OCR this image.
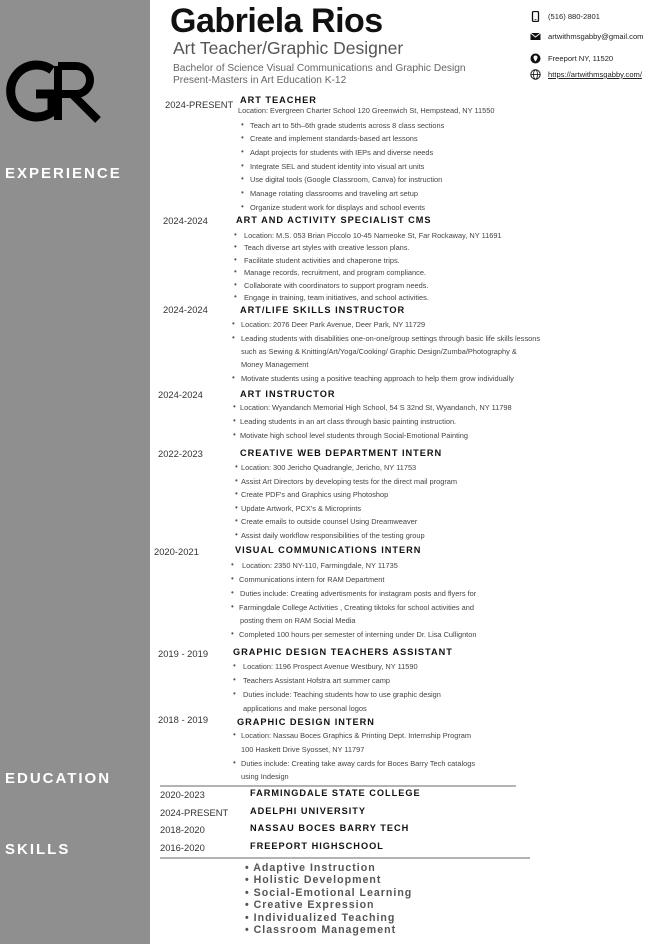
EXPERIENCE
EDUCATION
SKILLS
Gabriela Rios
Art Teacher/Graphic Designer
Bachelor of Science Visual Communications and Graphic Design
Present-Masters in Art Education K-12
(516) 880-2801
artwithmsgabby@gmail.com
Freeport NY, 11520
https://artwithmsgabby.com/
2024-PRESENT ART TEACHER
Location: Evergreen Charter School 120 Greenwich St, Hempstead, NY 11550
• Teach art to 5th–6th grade students across 8 class sections
• Create and implement standards-based art lessons
• Adapt projects for students with IEPs and diverse needs
• Integrate SEL and student identity into visual art units
• Use digital tools (Google Classroom, Canva) for instruction
• Manage rotating classrooms and traveling art setup
• Organize student work for displays and school events
2024-2024	ART AND ACTIVITY SPECIALIST CMS
• Location: M.S. 053 Brian Piccolo 10-45 Nameoke St, Far Rockaway, NY 11691
• Teach diverse art styles with creative lesson plans.
• Facilitate student activities and chaperone trips.
• Manage records, recruitment, and program compliance.
• Collaborate with coordinators to support program needs.
• Engage in training, team initiatives, and school activities.
2024-2024	ART/LIFE SKILLS INSTRUCTOR
• Location: 2076 Deer Park Avenue, Deer Park, NY 11729
• Leading students with disabilities one-on-one/group settings through basic life skills lessons
such as Sewing & Knitting/Art/Yoga/Cooking/ Graphic Design/Zumba/Photography &
Money Management
• Motivate students using a positive teaching approach to help them grow individually
2024-2024	ART INSTRUCTOR
• Location: Wyandanch Memorial High School, 54 S 32nd St, Wyandanch, NY 11798
• Leading students in an art class through basic painting instruction.
• Motivate high school level students through Social-Emotional Painting
2022-2023	CREATIVE WEB DEPARTMENT INTERN
• Location: 300 Jericho Quadrangle, Jericho, NY 11753
• Assist Art Directors by developing tests for the direct mail program
• Create PDF's and Graphics using Photoshop
• Update Artwork, PCX's & Microprints
• Create emails to outside counsel Using Dreamweaver
• Assist daily workflow responsibilities of the testing group
2020-2021	VISUAL COMMUNICATIONS INTERN
• Location: 2350 NY-110, Farmingdale, NY 11735
• Communications intern for RAM Department
• Duties include: Creating advertisments for instagram posts and flyers for
• Farmingdale College Activities , Creating tiktoks for school activities and
posting them on RAM Social Media
• Completed 100 hours per semester of interning under Dr. Lisa Cullignton
2019 - 2019	GRAPHIC DESIGN TEACHERS ASSISTANT
• Location: 1196 Prospect Avenue Westbury, NY 11590
• Teachers Assistant Hofstra art summer camp
• Duties include: Teaching students how to use graphic design
applications and make personal logos
2018 - 2019	GRAPHIC DESIGN INTERN
• Location: Nassau Boces Graphics & Printing Dept. Internship Program
100 Haskett Drive Syosset, NY 11797
• Duties include: Creating take away cards for Boces Barry Tech catalogs
using Indesign
2020-2023	FARMINGDALE STATE COLLEGE
2024-PRESENT ADELPHI UNIVERSITY
2018-2020	NASSAU BOCES BARRY TECH
2016-2020	FREEPORT HIGHSCHOOL
• Adaptive Instruction
• Holistic Development
• Social-Emotional Learning
• Creative Expression
• Individualized Teaching
• Classroom Management
